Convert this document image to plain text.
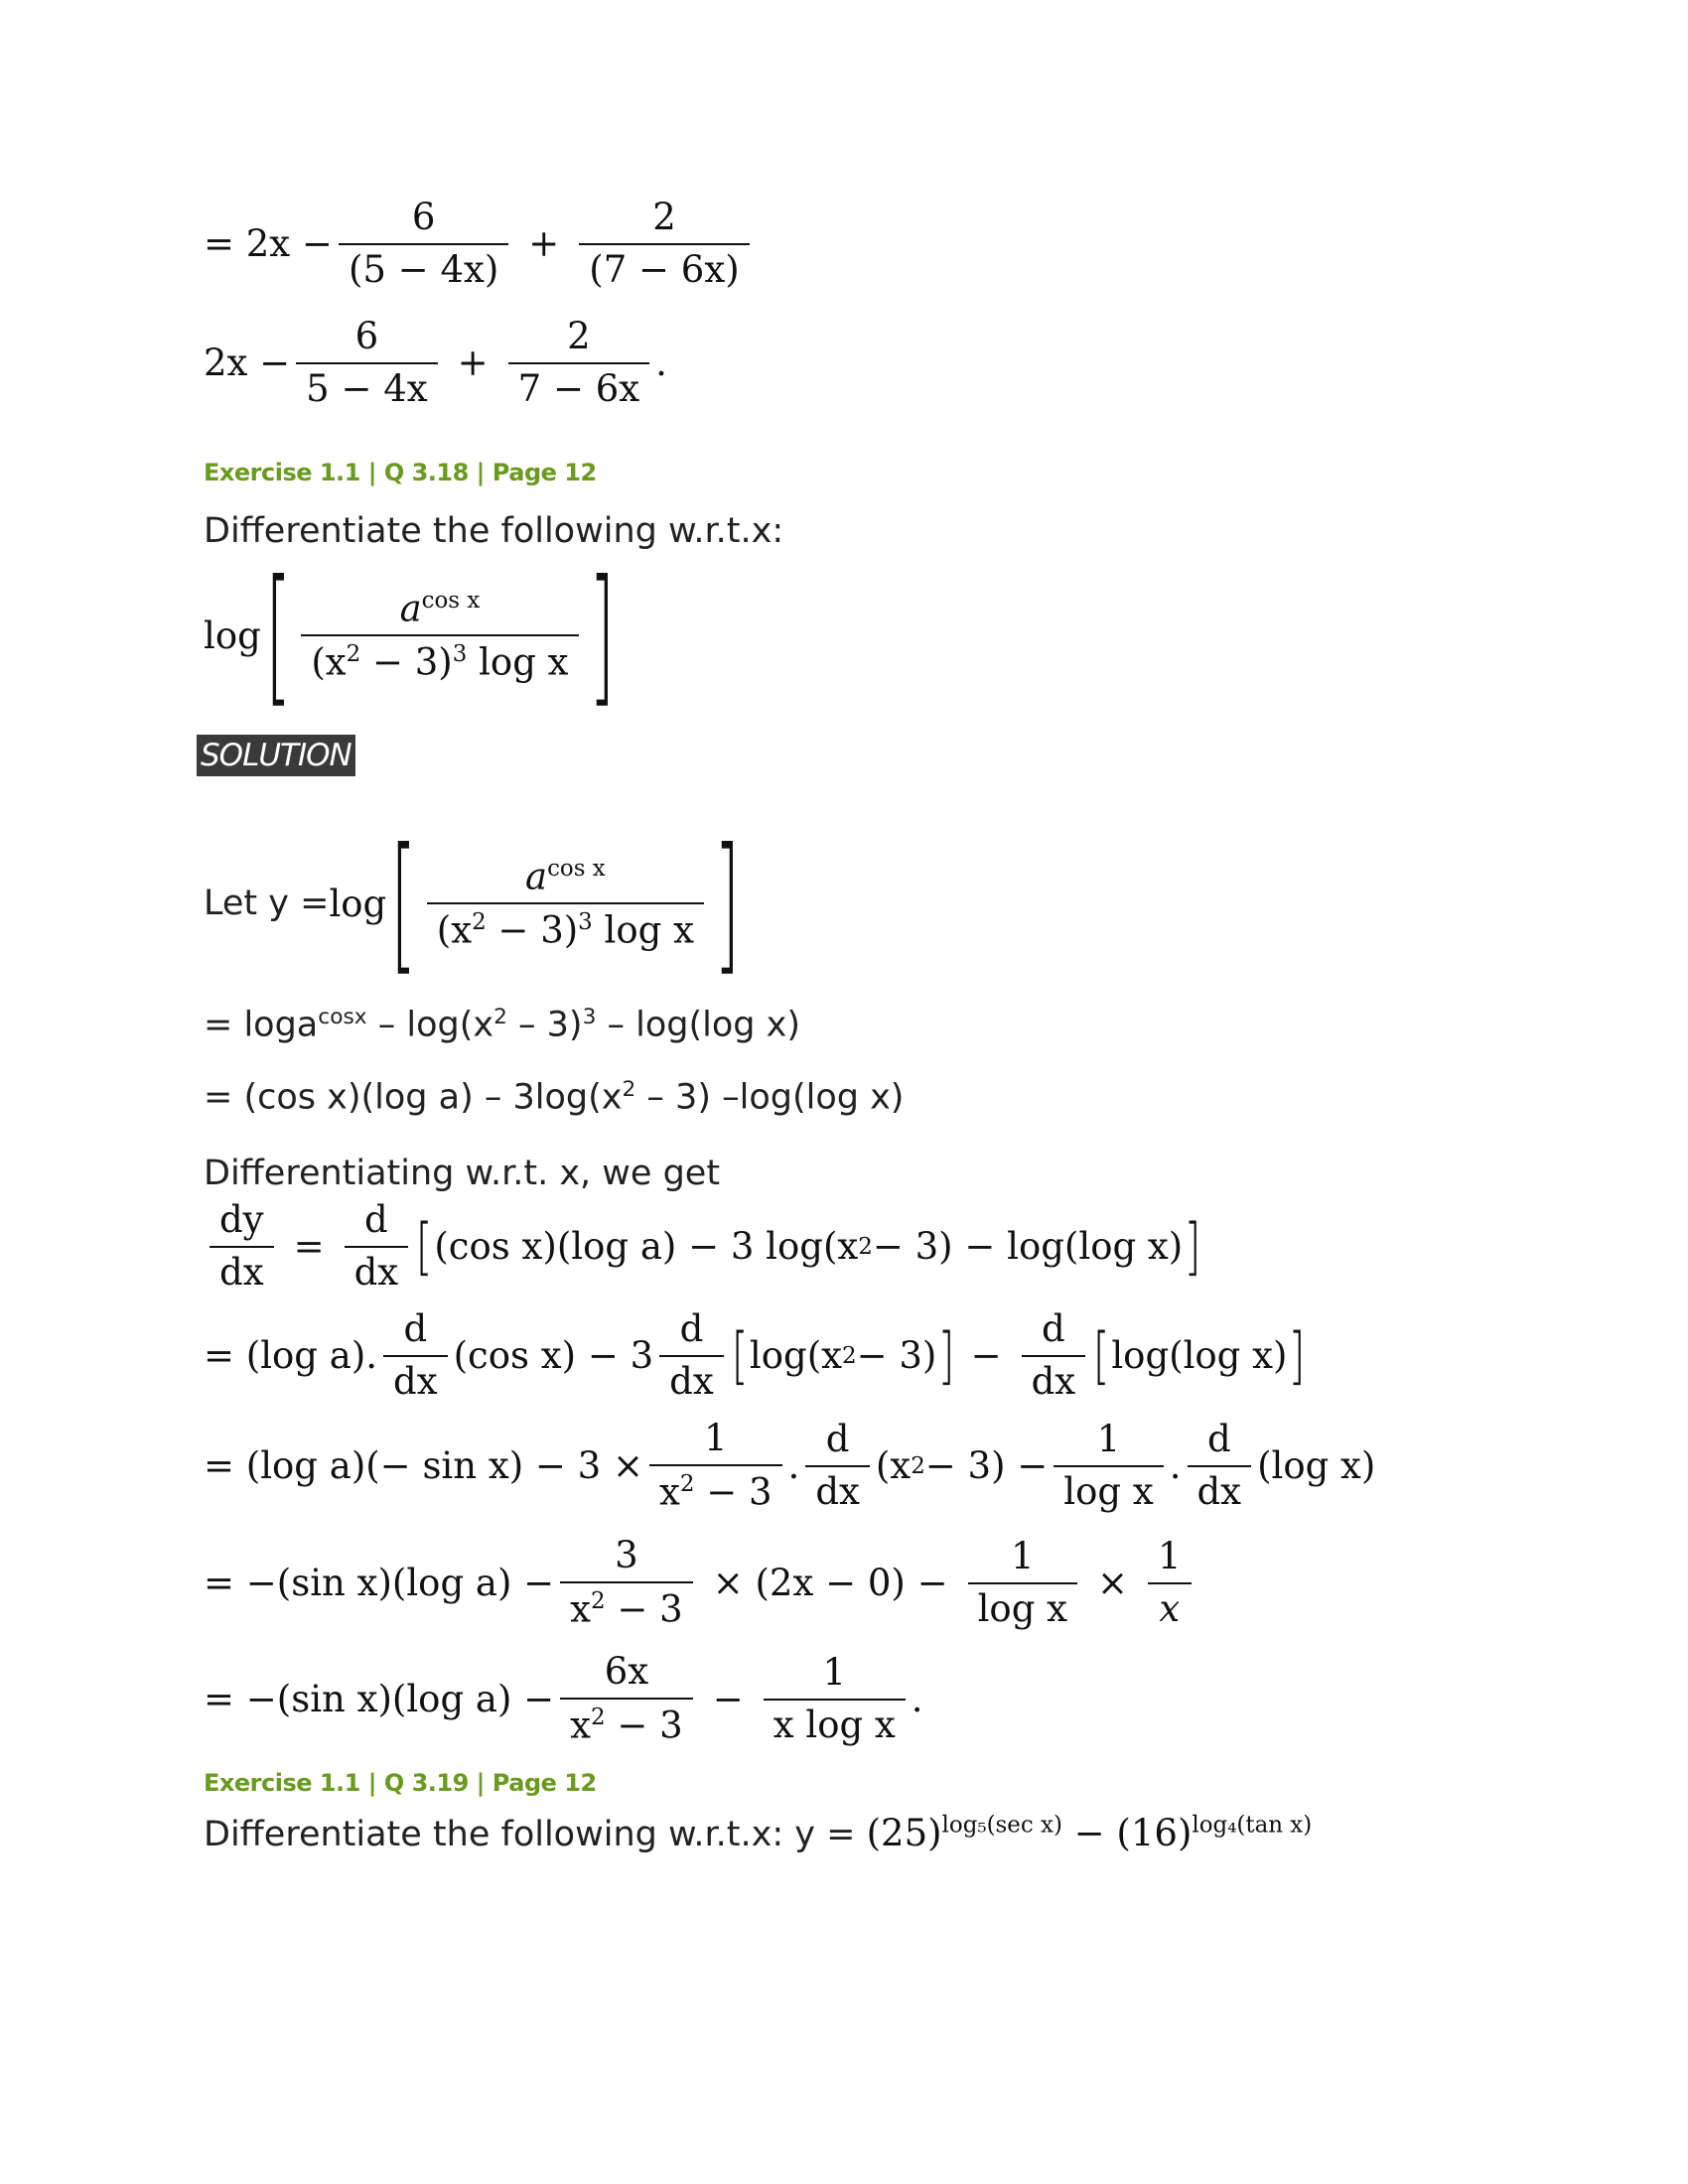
= $2x - \frac{6}{(5 - 4x)} + \frac{2}{(7 - 6x)}$
$2x - \frac{6}{5 - 4x} + \frac{2}{7 - 6x}$ .
Exercise 1.1 | Q 3.18 | Page 12
Differentiate the following w.r.t.x:
log [ $\frac{a^{cos x}}{(x^2 - 3)^3 \log x}$ ]
SOLUTION
Let y = log [ $\frac{a^{cos x}}{(x^2 - 3)^3 \log x}$ ]
= $\log a^{cosx} - \log(x^2 - 3)^3 - \log(\log$ x)
= (cos x)(log $a) - 3\log(x^2 - 3)$ –log(log x)
Differentiating w.r.t. x, we get
$\frac{dy}{dx} = \frac{d}{dx}$ [ (cos x)(log a) − 3 log(x 2 − 3) − log(log x) ]
= (log a). $\frac{d}{dx} (\cos$ $x) - 3 \frac{d}{dx}$ [ log(x 2 − 3) ] − $\frac{d}{dx}$ [ log(log x) ]
= (log $a)(- \sin x) - 3 \times \frac{1}{x^2 - 3}$ . $\frac{d}{dx} (x$ $2 - 3) - \frac{1}{\text{log x}}$ . $\frac{d}{dx} (\log$ x)
= −(sin x)(log $a) - \frac{3}{x^2 - 3} \times (2x - 0) - \frac{1}{\text{log x}} \times \frac{1}{x}$
= −(sin x)(log $a) - \frac{6x}{x^2 - 3} - \frac{1}{\text{x log x}}$ .
Exercise 1.1 | Q 3.19 | Page 12
Differentiate the following w.r.t.x: $y = (25)^{log_5(sec x)} - (16)^{log_4(tan x)}$
